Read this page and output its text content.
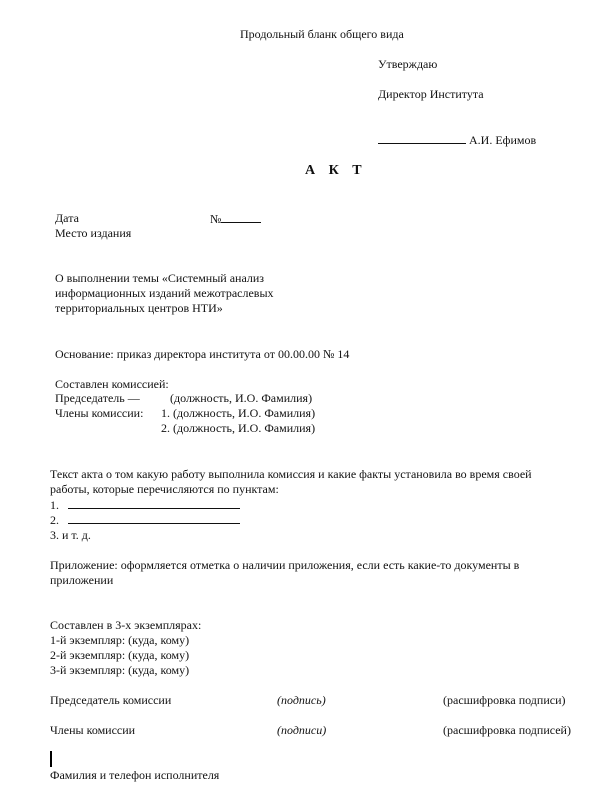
Продольный бланк общего вида
Утверждаю
Директор Института
А.И. Ефимов
А К Т
Дата	№
Место издания
О выполнении темы «Системный анализ
информационных изданий межотраслевых
территориальных центров НТИ»
Основание: приказ директора института от 00.00.00 № 14
Составлен комиссией:
Председатель —	(должность, И.О. Фамилия)
Члены комиссии: 1. (должность, И.О. Фамилия)
2. (должность, И.О. Фамилия)
Текст акта о том какую работу выполнила комиссия и какие факты установила во время своей
работы, которые перечисляются по пунктам:
1.
2.
3. и т. д.
Приложение: оформляется отметка о наличии приложения, если есть какие-то документы в
приложении
Составлен в 3-х экземплярах:
1-й экземпляр: (куда, кому)
2-й экземпляр: (куда, кому)
3-й экземпляр: (куда, кому)
Председатель комиссии	(подпись)	(расшифровка подписи)
Члены комиссии	(подписи)	(расшифровка подписей)
Фамилия и телефон исполнителя
